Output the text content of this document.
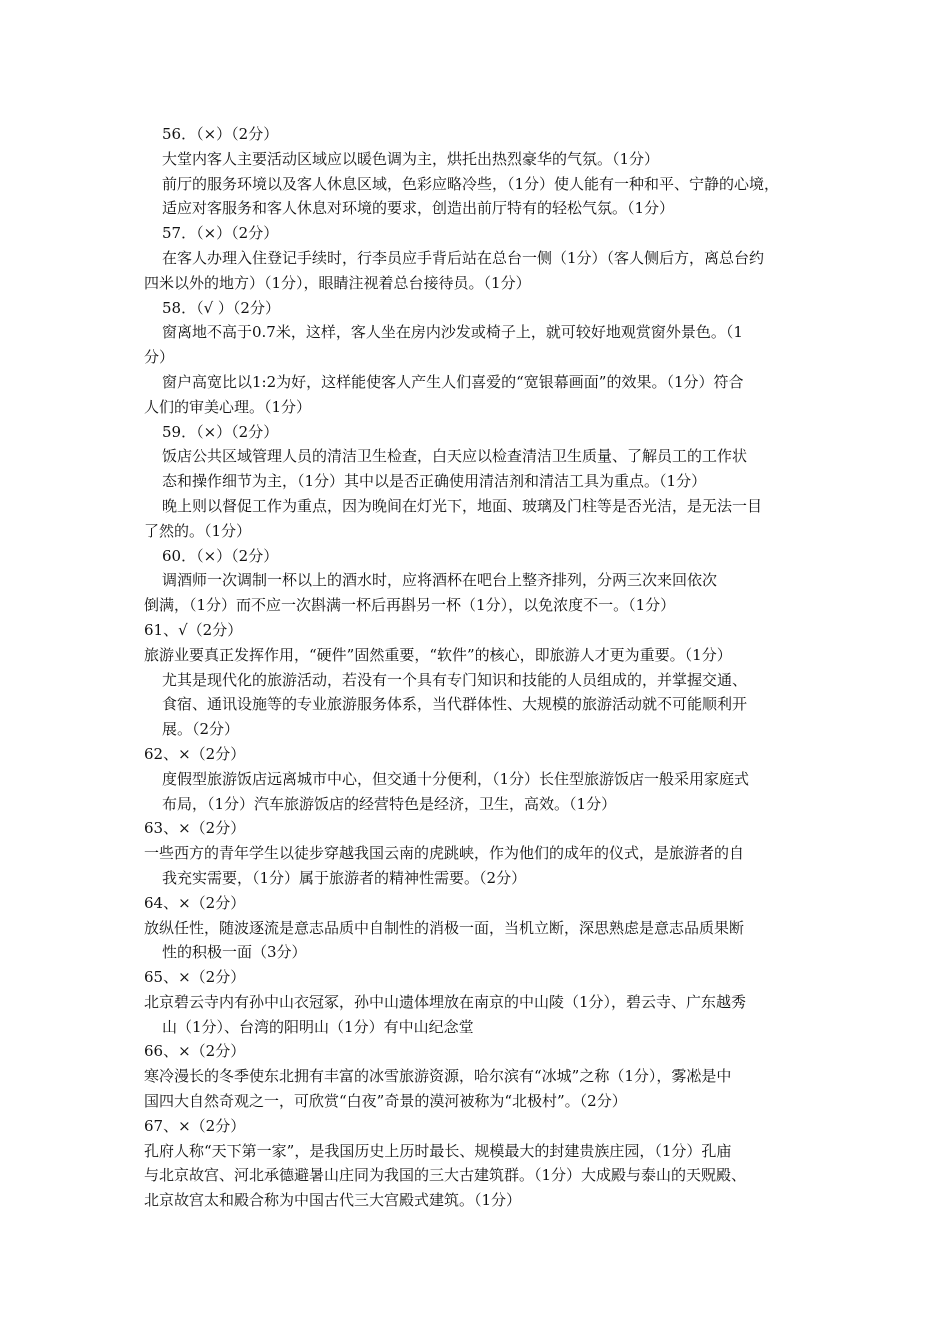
56．（×）（2分）
大堂内客人主要活动区域应以暖色调为主，烘托出热烈豪华的气氛。（1分）
前厅的服务环境以及客人休息区域，色彩应略冷些，（1分）使人能有一种和平、宁静的心境，
适应对客服务和客人休息对环境的要求，创造出前厅特有的轻松气氛。（1分）
57．（×）（2分）
在客人办理入住登记手续时，行李员应手背后站在总台一侧（1分）（客人侧后方，离总台约
四米以外的地方）（1分），眼睛注视着总台接待员。（1分）
58．（√ ）（2分）
窗离地不高于0.7米，这样，客人坐在房内沙发或椅子上，就可较好地观赏窗外景色。（1
分）
窗户高宽比以1:2为好，这样能使客人产生人们喜爱的“宽银幕画面”的效果。（1分）符合
人们的审美心理。（1分）
59．（×）（2分）
饭店公共区域管理人员的清洁卫生检查，白天应以检查清洁卫生质量、了解员工的工作状
态和操作细节为主，（1分）其中以是否正确使用清洁剂和清洁工具为重点。（1分）
晚上则以督促工作为重点，因为晚间在灯光下，地面、玻璃及门柱等是否光洁，是无法一目
了然的。（1分）
60．（×）（2分）
调酒师一次调制一杯以上的酒水时，应将酒杯在吧台上整齐排列，分两三次来回依次
倒满，（1分）而不应一次斟满一杯后再斟另一杯（1分），以免浓度不一。（1分）
61、√（2分）
旅游业要真正发挥作用，“硬件”固然重要，“软件”的核心，即旅游人才更为重要。（1分）
尤其是现代化的旅游活动，若没有一个具有专门知识和技能的人员组成的，并掌握交通、
食宿、通讯设施等的专业旅游服务体系，当代群体性、大规模的旅游活动就不可能顺利开
展。（2分）
62、×（2分）
度假型旅游饭店远离城市中心，但交通十分便利，（1分）长住型旅游饭店一般采用家庭式
布局，（1分）汽车旅游饭店的经营特色是经济，卫生，高效。（1分）
63、×（2分）
一些西方的青年学生以徒步穿越我国云南的虎跳峡，作为他们的成年的仪式，是旅游者的自
我充实需要，（1分）属于旅游者的精神性需要。（2分）
64、×（2分）
放纵任性，随波逐流是意志品质中自制性的消极一面，当机立断，深思熟虑是意志品质果断
性的积极一面（3分）
65、×（2分）
北京碧云寺内有孙中山衣冠冢，孙中山遗体埋放在南京的中山陵（1分），碧云寺、广东越秀
山（1分）、台湾的阳明山（1分）有中山纪念堂
66、×（2分）
寒冷漫长的冬季使东北拥有丰富的冰雪旅游资源，哈尔滨有“冰城”之称（1分），雾凇是中
国四大自然奇观之一，可欣赏“白夜”奇景的漠河被称为“北极村”。（2分）
67、×（2分）
孔府人称“天下第一家”，是我国历史上历时最长、规模最大的封建贵族庄园，（1分）孔庙
与北京故宫、河北承德避暑山庄同为我国的三大古建筑群。（1分）大成殿与泰山的天贶殿、
北京故宫太和殿合称为中国古代三大宫殿式建筑。（1分）
